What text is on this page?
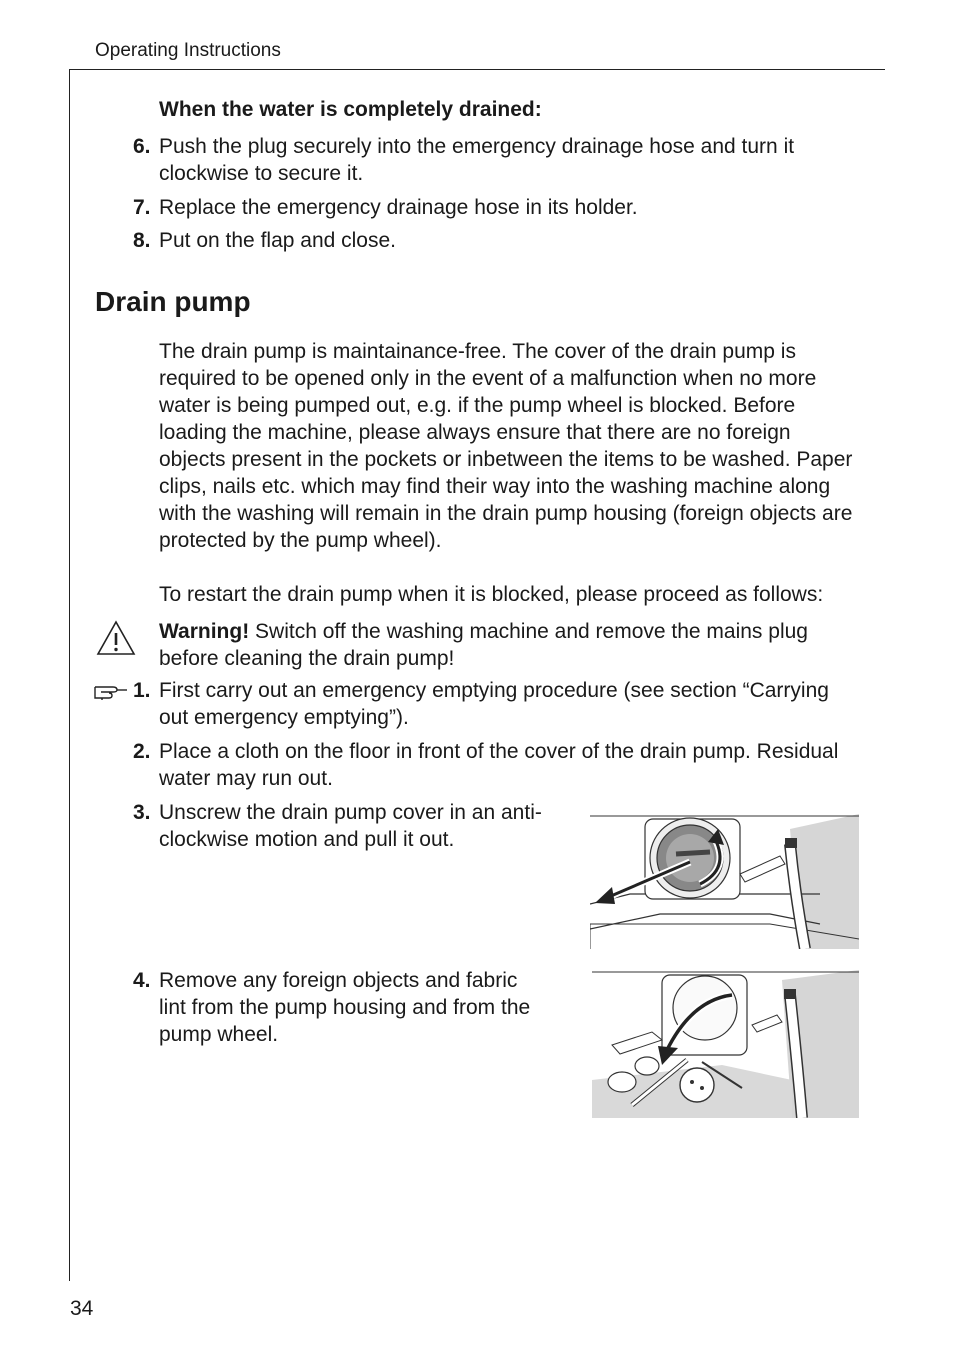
Operating Instructions
When the water is completely drained:
6. Push the plug securely into the emergency drainage hose and turn it clockwise to secure it.

7. Replace the emergency drainage hose in its holder.

8. Put on the flap and close.

Drain pump

The drain pump is maintainance-free. The cover of the drain pump is required to be opened only in the event of a malfunction when no more water is being pumped out, e.g. if the pump wheel is blocked. Before loading the machine, please always ensure that there are no foreign objects present in the pockets or inbetween the items to be washed. Paper clips, nails etc. which may find their way into the washing machine along with the washing will remain in the drain pump housing (foreign objects are protected by the pump wheel).

To restart the drain pump when it is blocked, please proceed as follows:

Warning! Switch off the washing machine and remove the mains plug before cleaning the drain pump!

1. First carry out an emergency emptying procedure (see section “Carrying out emergency emptying”).

2. Place a cloth on the floor in front of the cover of the drain pump. Residual water may run out.

3. Unscrew the drain pump cover in an anti-clockwise motion and pull it out.

4. Remove any foreign objects and fabric lint from the pump housing and from the pump wheel.

34
